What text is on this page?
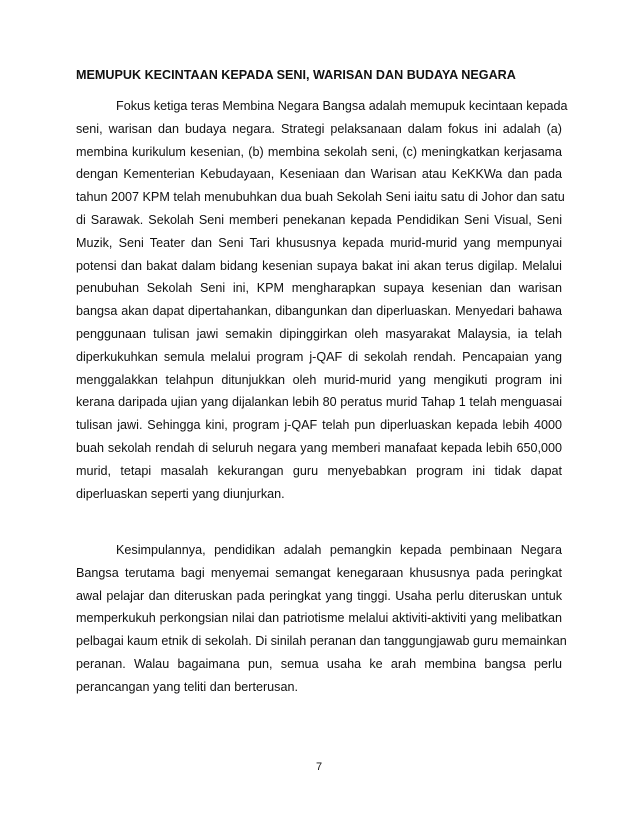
MEMUPUK KECINTAAN KEPADA SENI, WARISAN DAN BUDAYA NEGARA
Fokus ketiga teras Membina Negara Bangsa adalah memupuk kecintaan kepada
seni, warisan dan budaya negara. Strategi pelaksanaan dalam fokus ini adalah (a)
membina kurikulum kesenian, (b) membina sekolah seni, (c) meningkatkan kerjasama
dengan Kementerian Kebudayaan, Keseniaan dan Warisan atau KeKKWa dan pada
tahun 2007 KPM telah menubuhkan dua buah Sekolah Seni iaitu satu di Johor dan satu
di Sarawak. Sekolah Seni memberi penekanan kepada Pendidikan Seni Visual, Seni
Muzik, Seni Teater dan Seni Tari khususnya kepada murid-murid yang mempunyai
potensi dan bakat dalam bidang kesenian supaya bakat ini akan terus digilap. Melalui
penubuhan Sekolah Seni ini, KPM mengharapkan supaya kesenian dan warisan
bangsa akan dapat dipertahankan, dibangunkan dan diperluaskan. Menyedari bahawa
penggunaan tulisan jawi semakin dipinggirkan oleh masyarakat Malaysia, ia telah
diperkukuhkan semula melalui program j-QAF di sekolah rendah. Pencapaian yang
menggalakkan telahpun ditunjukkan oleh murid-murid yang mengikuti program ini
kerana daripada ujian yang dijalankan lebih 80 peratus murid Tahap 1 telah menguasai
tulisan jawi. Sehingga kini, program j-QAF telah pun diperluaskan kepada lebih 4000
buah sekolah rendah di seluruh negara yang memberi manafaat kepada lebih 650,000
murid, tetapi masalah kekurangan guru menyebabkan program ini tidak dapat
diperluaskan seperti yang diunjurkan.
Kesimpulannya, pendidikan adalah pemangkin kepada pembinaan Negara
Bangsa terutama bagi menyemai semangat kenegaraan khususnya pada peringkat
awal pelajar dan diteruskan pada peringkat yang tinggi. Usaha perlu diteruskan untuk
memperkukuh perkongsian nilai dan patriotisme melalui aktiviti-aktiviti yang melibatkan
pelbagai kaum etnik di sekolah. Di sinilah peranan dan tanggungjawab guru memainkan
peranan. Walau bagaimana pun, semua usaha ke arah membina bangsa perlu
perancangan yang teliti dan berterusan.
7
